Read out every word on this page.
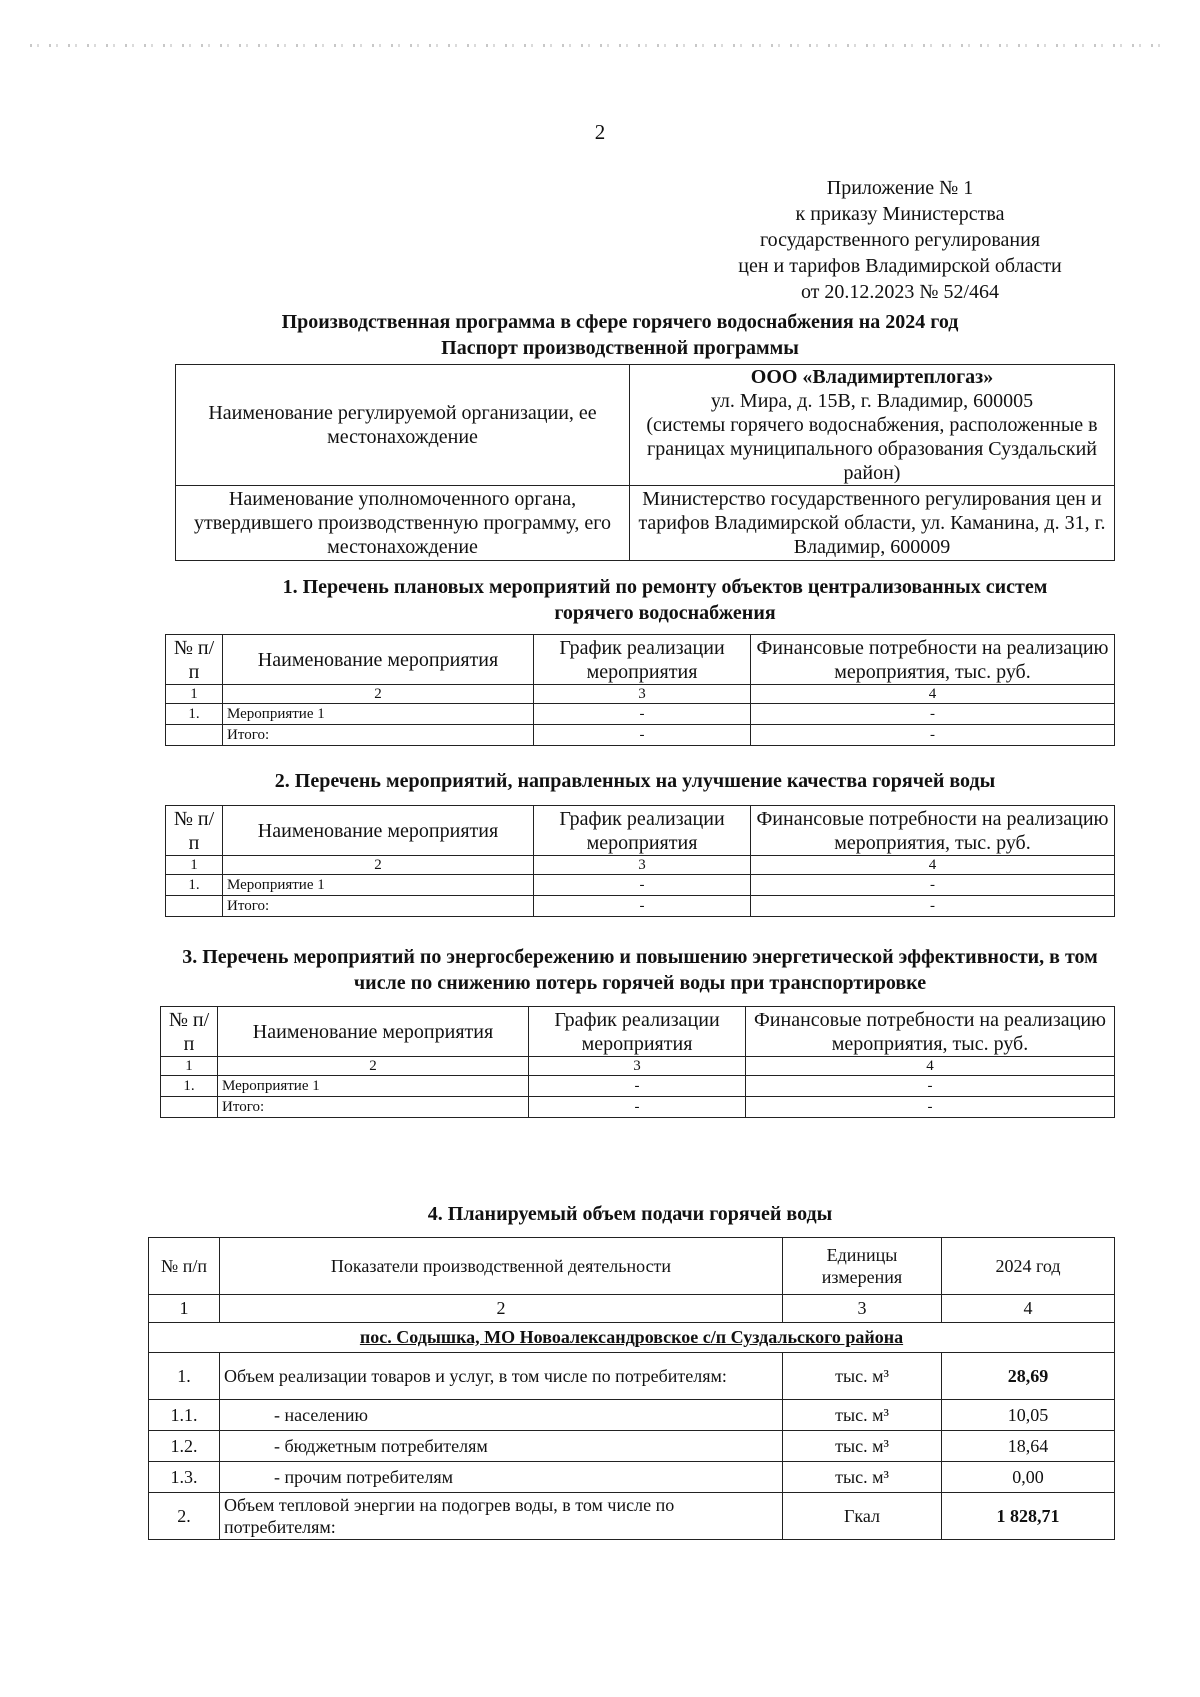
2
Приложение № 1
к приказу Министерства
государственного регулирования
цен и тарифов Владимирской области
от 20.12.2023 № 52/464
Производственная программа в сфере горячего водоснабжения на 2024 год
Паспорт производственной программы
Наименование регулируемой организации, ее местонахождение	ООО «Владимиртеплогаз»
ул. Мира, д. 15В, г. Владимир, 600005
(системы горячего водоснабжения, расположенные в границах муниципального образования Суздальский район)

Наименование уполномоченного органа, утвердившего производственную программу, его местонахождение	Министерство государственного регулирования цен и тарифов Владимирской области, ул. Каманина, д. 31, г. Владимир, 600009
1. Перечень плановых мероприятий по ремонту объектов централизованных систем горячего водоснабжения
№ п/п	Наименование мероприятия	График реализации мероприятия	Финансовые потребности на реализацию мероприятия, тыс. руб.
1	2	3	4
1.	Мероприятие 1	-	-
	Итого:	-	-
2. Перечень мероприятий, направленных на улучшение качества горячей воды
№ п/п	Наименование мероприятия	График реализации мероприятия	Финансовые потребности на реализацию мероприятия, тыс. руб.
1	2	3	4
1.	Мероприятие 1	-	-
	Итого:	-	-
3. Перечень мероприятий по энергосбережению и повышению энергетической эффективности, в том числе по снижению потерь горячей воды при транспортировке
№ п/п	Наименование мероприятия	График реализации мероприятия	Финансовые потребности на реализацию мероприятия, тыс. руб.
1	2	3	4
1.	Мероприятие 1	-	-
	Итого:	-	-
4. Планируемый объем подачи горячей воды
№ п/п	Показатели производственной деятельности	Единицы измерения	2024 год
1	2	3	4
пос. Содышка, МО Новоалександровское с/п Суздальского района			
1.	Объем реализации товаров и услуг, в том числе по потребителям:	тыс. м³	28,69
1.1.	- населению	тыс. м³	10,05
1.2.	- бюджетным потребителям	тыс. м³	18,64
1.3.	- прочим потребителям	тыс. м³	0,00
2.	Объем тепловой энергии на подогрев воды, в том числе по потребителям:	Гкал	1 828,71
